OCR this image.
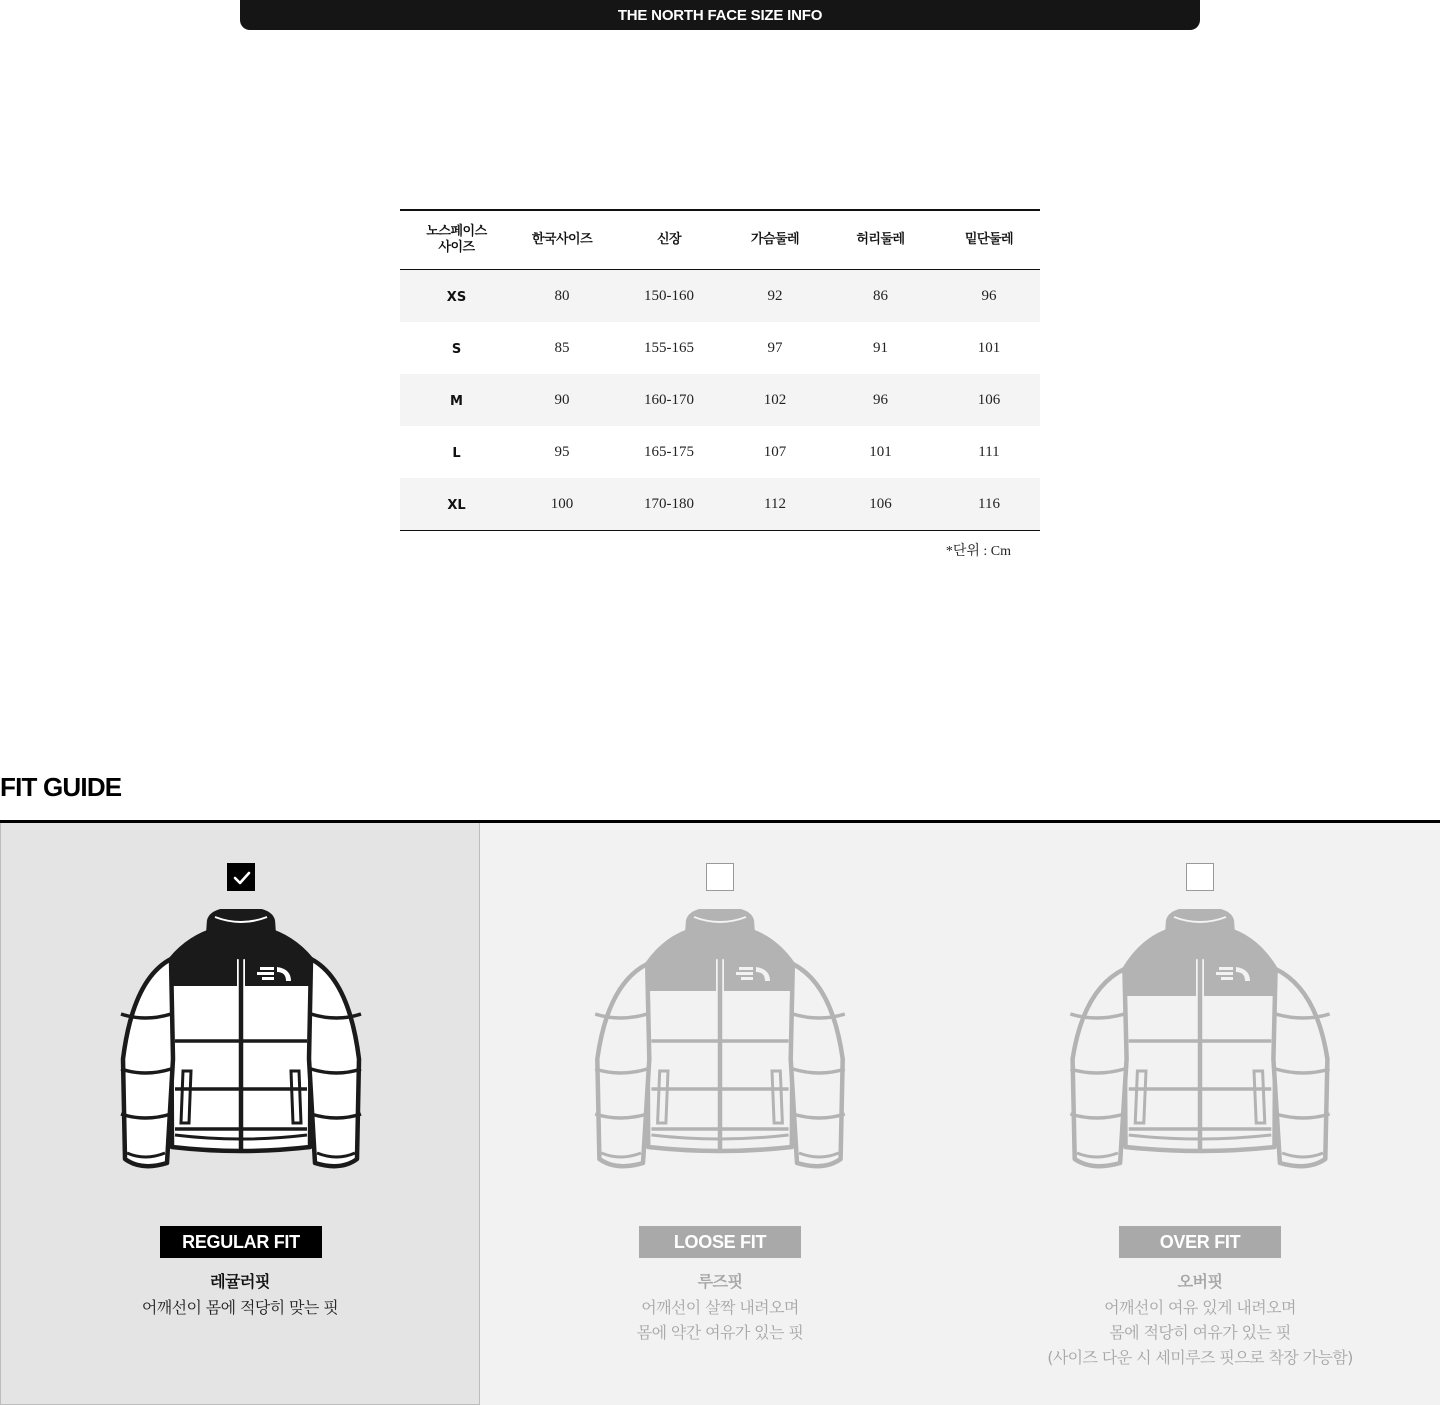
THE NORTH FACE SIZE INFO
노스페이스 사이즈	한국사이즈	신장	가슴둘레	허리둘레	밑단둘레
XS	80	150-160	92	86	96
S	85	155-165	97	91	101
M	90	160-170	102	96	106
L	95	165-175	107	101	111
XL	100	170-180	112	106	116
*단위 : Cm
FIT GUIDE
REGULAR FIT
레귤러핏
어깨선이 몸에 적당히 맞는 핏
LOOSE FIT
루즈핏
어깨선이 살짝 내려오며
몸에 약간 여유가 있는 핏
OVER FIT
오버핏
어깨선이 여유 있게 내려오며
몸에 적당히 여유가 있는 핏
(사이즈 다운 시 세미루즈 핏으로 착장 가능함)
